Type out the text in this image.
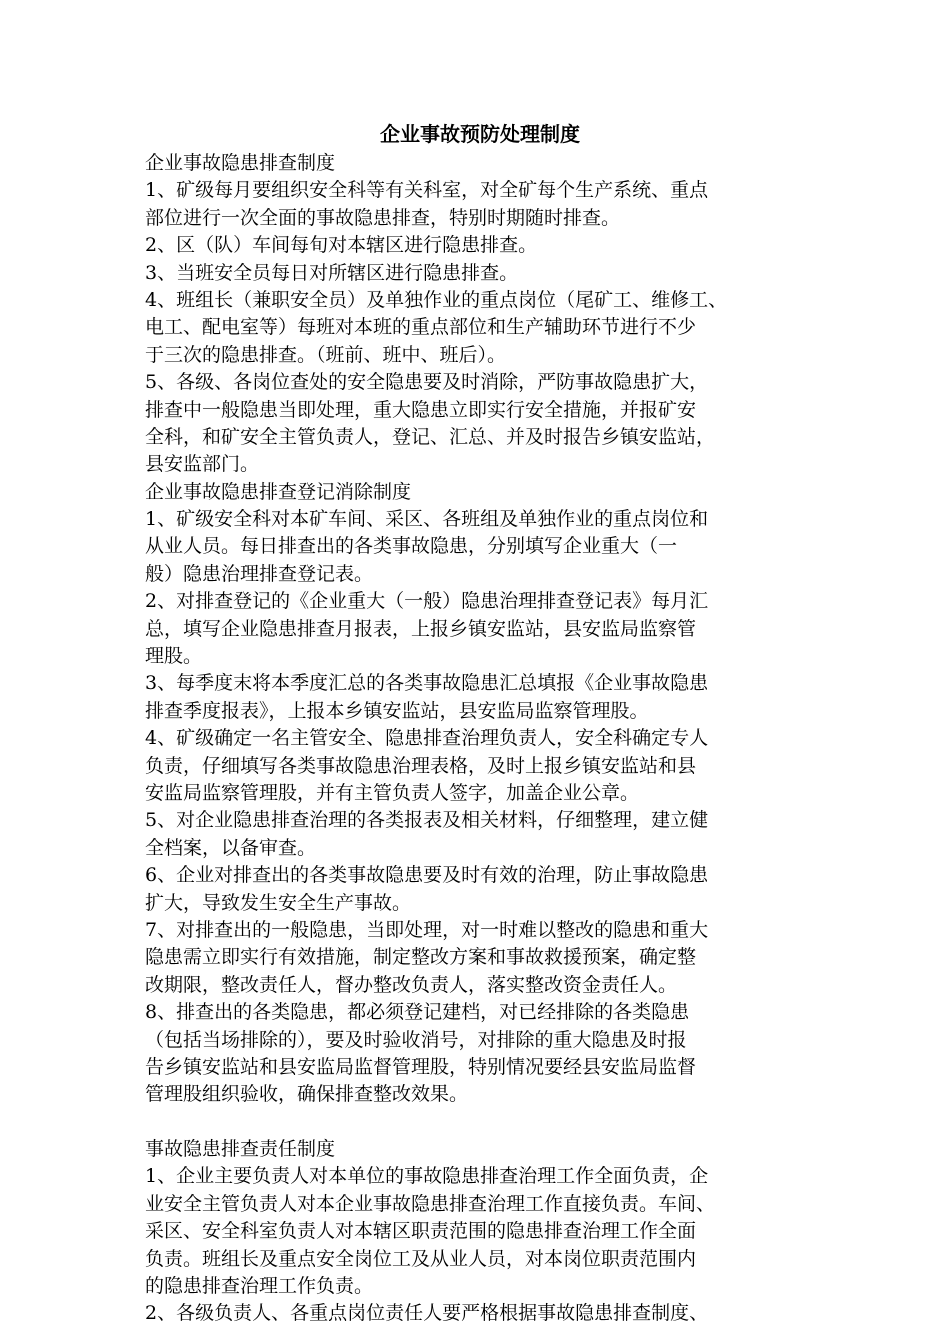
企业事故预防处理制度

企业事故隐患排查制度

1、矿级每月要组织安全科等有关科室，对全矿每个生产系统、重点

部位进行一次全面的事故隐患排查，特别时期随时排查。

2、区（队）车间每旬对本辖区进行隐患排查。

3、当班安全员每日对所辖区进行隐患排查。

4、班组长（兼职安全员）及单独作业的重点岗位（尾矿工、维修工、

电工、配电室等）每班对本班的重点部位和生产辅助环节进行不少

于三次的隐患排查。（班前、班中、班后）。

5、各级、各岗位查处的安全隐患要及时消除，严防事故隐患扩大，

排查中一般隐患当即处理，重大隐患立即实行安全措施，并报矿安

全科，和矿安全主管负责人，登记、汇总、并及时报告乡镇安监站，

县安监部门。

企业事故隐患排查登记消除制度

1、矿级安全科对本矿车间、采区、各班组及单独作业的重点岗位和

从业人员。每日排查出的各类事故隐患，分别填写企业重大（一

般）隐患治理排查登记表。

2、对排查登记的《企业重大（一般）隐患治理排查登记表》每月汇

总，填写企业隐患排查月报表，上报乡镇安监站，县安监局监察管

理股。

3、每季度末将本季度汇总的各类事故隐患汇总填报《企业事故隐患

排查季度报表》，上报本乡镇安监站，县安监局监察管理股。

4、矿级确定一名主管安全、隐患排查治理负责人，安全科确定专人

负责，仔细填写各类事故隐患治理表格，及时上报乡镇安监站和县

安监局监察管理股，并有主管负责人签字，加盖企业公章。

5、对企业隐患排查治理的各类报表及相关材料，仔细整理，建立健

全档案，以备审查。

6、企业对排查出的各类事故隐患要及时有效的治理，防止事故隐患

扩大，导致发生安全生产事故。

7、对排查出的一般隐患，当即处理，对一时难以整改的隐患和重大

隐患需立即实行有效措施，制定整改方案和事故救援预案，确定整

改期限，整改责任人，督办整改负责人，落实整改资金责任人。

8、排查出的各类隐患，都必须登记建档，对已经排除的各类隐患

（包括当场排除的），要及时验收消号，对排除的重大隐患及时报

告乡镇安监站和县安监局监督管理股，特别情况要经县安监局监督

管理股组织验收，确保排查整改效果。

事故隐患排查责任制度

1、企业主要负责人对本单位的事故隐患排查治理工作全面负责，企

业安全主管负责人对本企业事故隐患排查治理工作直接负责。车间、

采区、安全科室负责人对本辖区职责范围的隐患排查治理工作全面

负责。班组长及重点安全岗位工及从业人员，对本岗位职责范围内

的隐患排查治理工作负责。

2、各级负责人、各重点岗位责任人要严格根据事故隐患排查制度、
